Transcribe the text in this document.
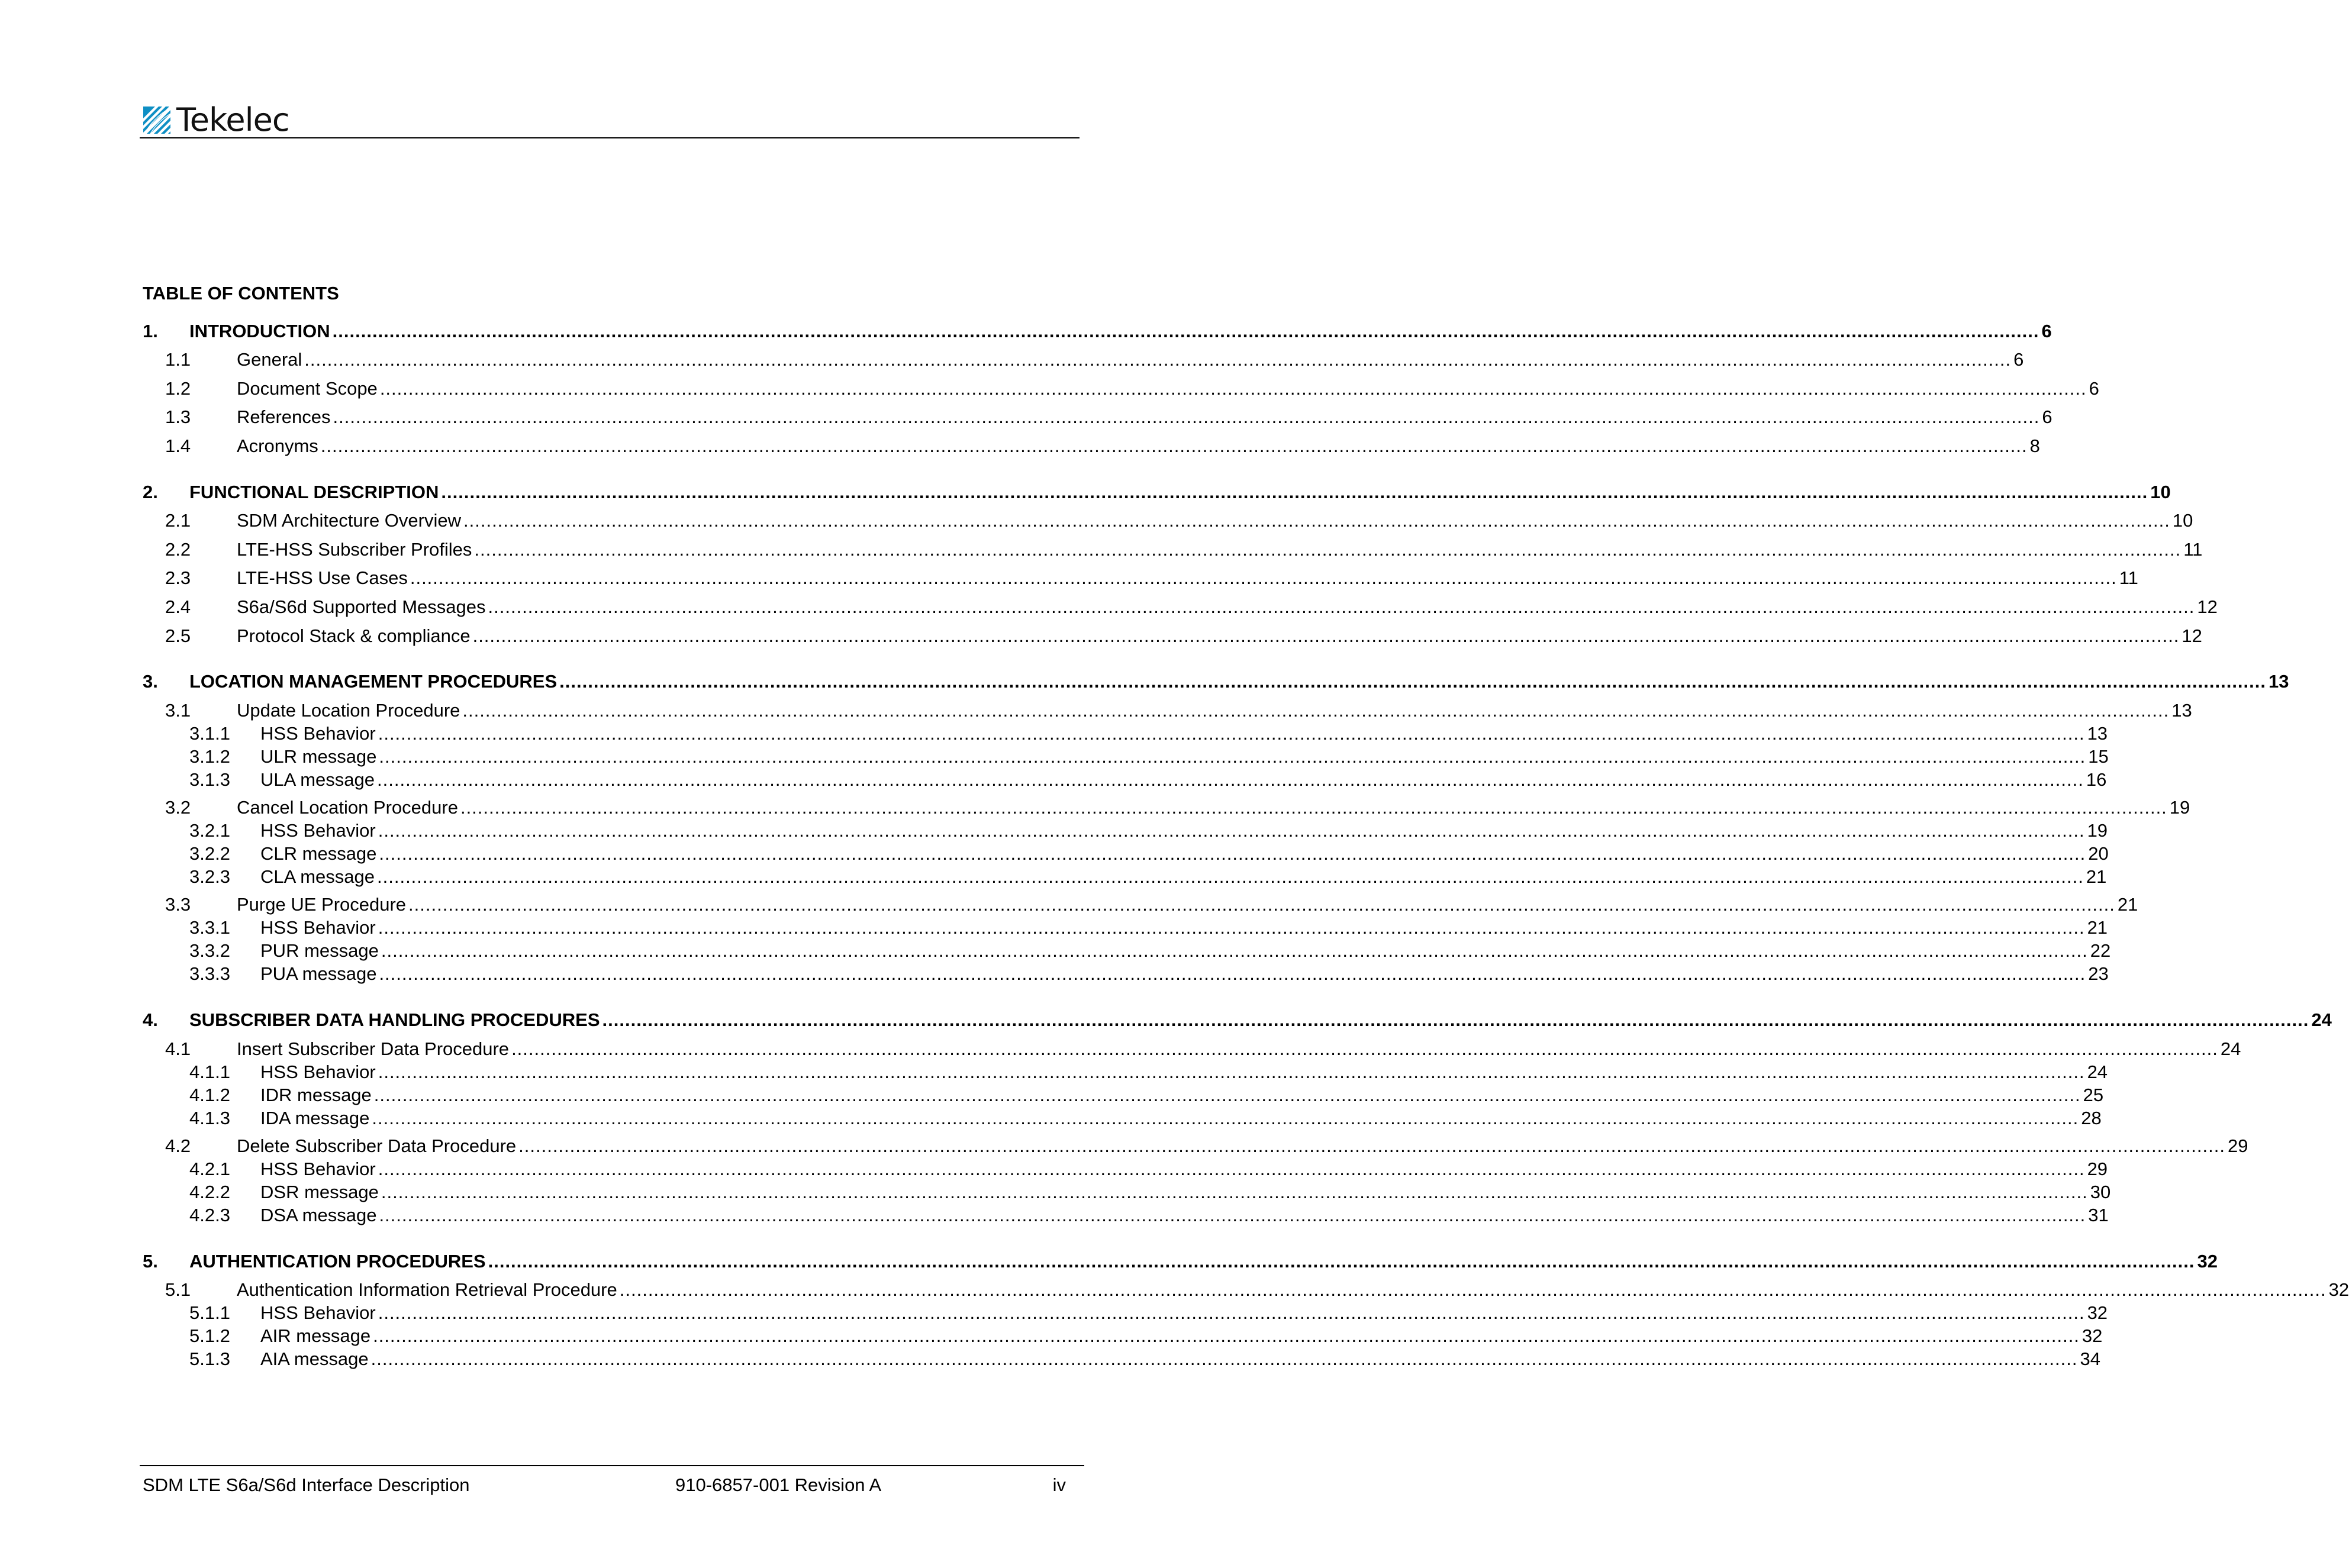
Tekelec
TABLE OF CONTENTS
1. INTRODUCTION ............................................................................................................................................................................................................................................................................................................ 6
1.1	General ............................................................................................................................................................................................................................................................................................................ 6
1.2	Document Scope ............................................................................................................................................................................................................................................................................................................ 6
1.3	References ............................................................................................................................................................................................................................................................................................................ 6
1.4	Acronyms ............................................................................................................................................................................................................................................................................................................ 8
2. FUNCTIONAL DESCRIPTION ............................................................................................................................................................................................................................................................................................................ 10
2.1	SDM Architecture Overview ............................................................................................................................................................................................................................................................................................................ 10
2.2	LTE-HSS Subscriber Profiles ............................................................................................................................................................................................................................................................................................................ 11
2.3	LTE-HSS Use Cases ............................................................................................................................................................................................................................................................................................................ 11
2.4	S6a/S6d Supported Messages ............................................................................................................................................................................................................................................................................................................ 12
2.5	Protocol Stack & compliance ............................................................................................................................................................................................................................................................................................................ 12
3. LOCATION MANAGEMENT PROCEDURES ............................................................................................................................................................................................................................................................................................................ 13
3.1	Update Location Procedure ............................................................................................................................................................................................................................................................................................................ 13
3.1.1 HSS Behavior ............................................................................................................................................................................................................................................................................................................ 13
3.1.2 ULR message ............................................................................................................................................................................................................................................................................................................ 15
3.1.3 ULA message ............................................................................................................................................................................................................................................................................................................ 16
3.2	Cancel Location Procedure ............................................................................................................................................................................................................................................................................................................ 19
3.2.1 HSS Behavior ............................................................................................................................................................................................................................................................................................................ 19
3.2.2 CLR message ............................................................................................................................................................................................................................................................................................................ 20
3.2.3 CLA message ............................................................................................................................................................................................................................................................................................................ 21
3.3	Purge UE Procedure ............................................................................................................................................................................................................................................................................................................ 21
3.3.1 HSS Behavior ............................................................................................................................................................................................................................................................................................................ 21
3.3.2 PUR message ............................................................................................................................................................................................................................................................................................................ 22
3.3.3 PUA message ............................................................................................................................................................................................................................................................................................................ 23
4. SUBSCRIBER DATA HANDLING PROCEDURES ............................................................................................................................................................................................................................................................................................................ 24
4.1	Insert Subscriber Data Procedure ............................................................................................................................................................................................................................................................................................................ 24
4.1.1 HSS Behavior ............................................................................................................................................................................................................................................................................................................ 24
4.1.2 IDR message ............................................................................................................................................................................................................................................................................................................ 25
4.1.3 IDA message ............................................................................................................................................................................................................................................................................................................ 28
4.2	Delete Subscriber Data Procedure ............................................................................................................................................................................................................................................................................................................ 29
4.2.1 HSS Behavior ............................................................................................................................................................................................................................................................................................................ 29
4.2.2 DSR message ............................................................................................................................................................................................................................................................................................................ 30
4.2.3 DSA message ............................................................................................................................................................................................................................................................................................................ 31
5. AUTHENTICATION PROCEDURES ............................................................................................................................................................................................................................................................................................................ 32
5.1	Authentication Information Retrieval Procedure ............................................................................................................................................................................................................................................................................................................ 32
5.1.1 HSS Behavior ............................................................................................................................................................................................................................................................................................................ 32
5.1.2 AIR message ............................................................................................................................................................................................................................................................................................................ 32
5.1.3 AIA message ............................................................................................................................................................................................................................................................................................................ 34
SDM LTE S6a/S6d Interface Description	910-6857-001 Revision A	iv
